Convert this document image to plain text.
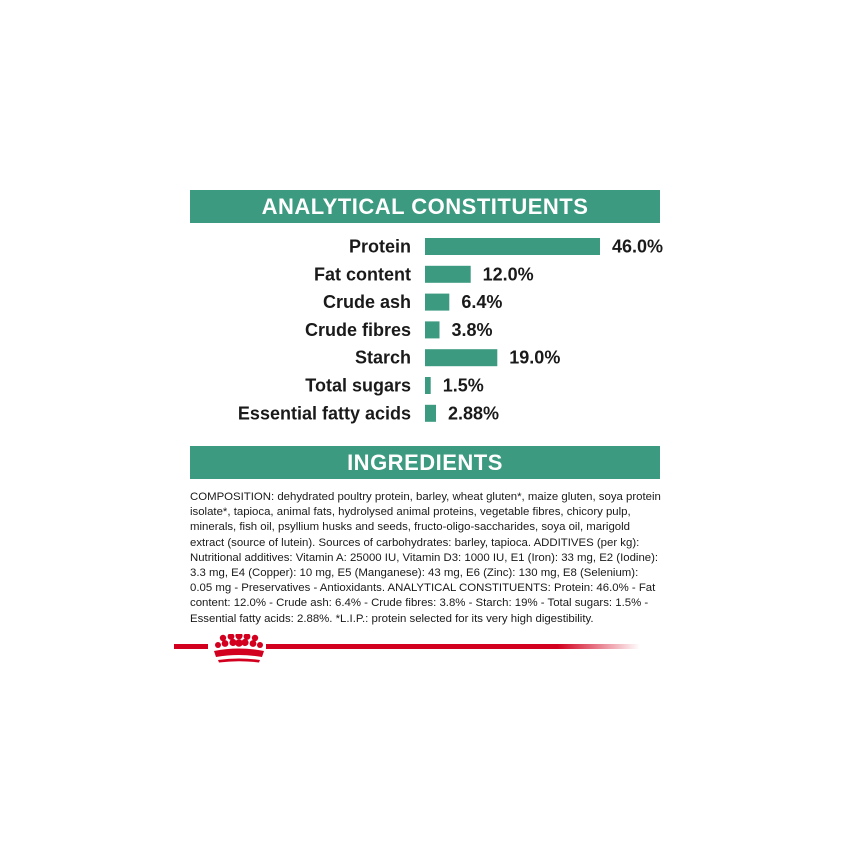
ANALYTICAL CONSTITUENTS
Protein	46.0%
Fat content	12.0%
Crude ash	6.4%
Crude fibres 3.8%
Starch	19.0%
Total sugars 1.5%
Essential fatty acids 2.88%
INGREDIENTS

COMPOSITION: dehydrated poultry protein, barley, wheat gluten*, maize gluten, soya protein isolate*, tapioca, animal fats, hydrolysed animal proteins, vegetable fibres, chicory pulp, minerals, fish oil, psyllium husks and seeds, fructo-oligo-saccharides, soya oil, marigold extract (source of lutein). Sources of carbohydrates: barley, tapioca. ADDITIVES (per kg): Nutritional additives: Vitamin A: 25000 IU, Vitamin D3: 1000 IU, E1 (Iron): 33 mg, E2 (Iodine): 3.3 mg, E4 (Copper): 10 mg, E5 (Manganese): 43 mg, E6 (Zinc): 130 mg, E8 (Selenium): 0.05 mg - Preservatives - Antioxidants. ANALYTICAL CONSTITUENTS: Protein: 46.0% - Fat content: 12.0% - Crude ash: 6.4% - Crude fibres: 3.8% - Starch: 19% - Total sugars: 1.5% - Essential fatty acids: 2.88%. *L.I.P.: protein selected for its very high digestibility.
